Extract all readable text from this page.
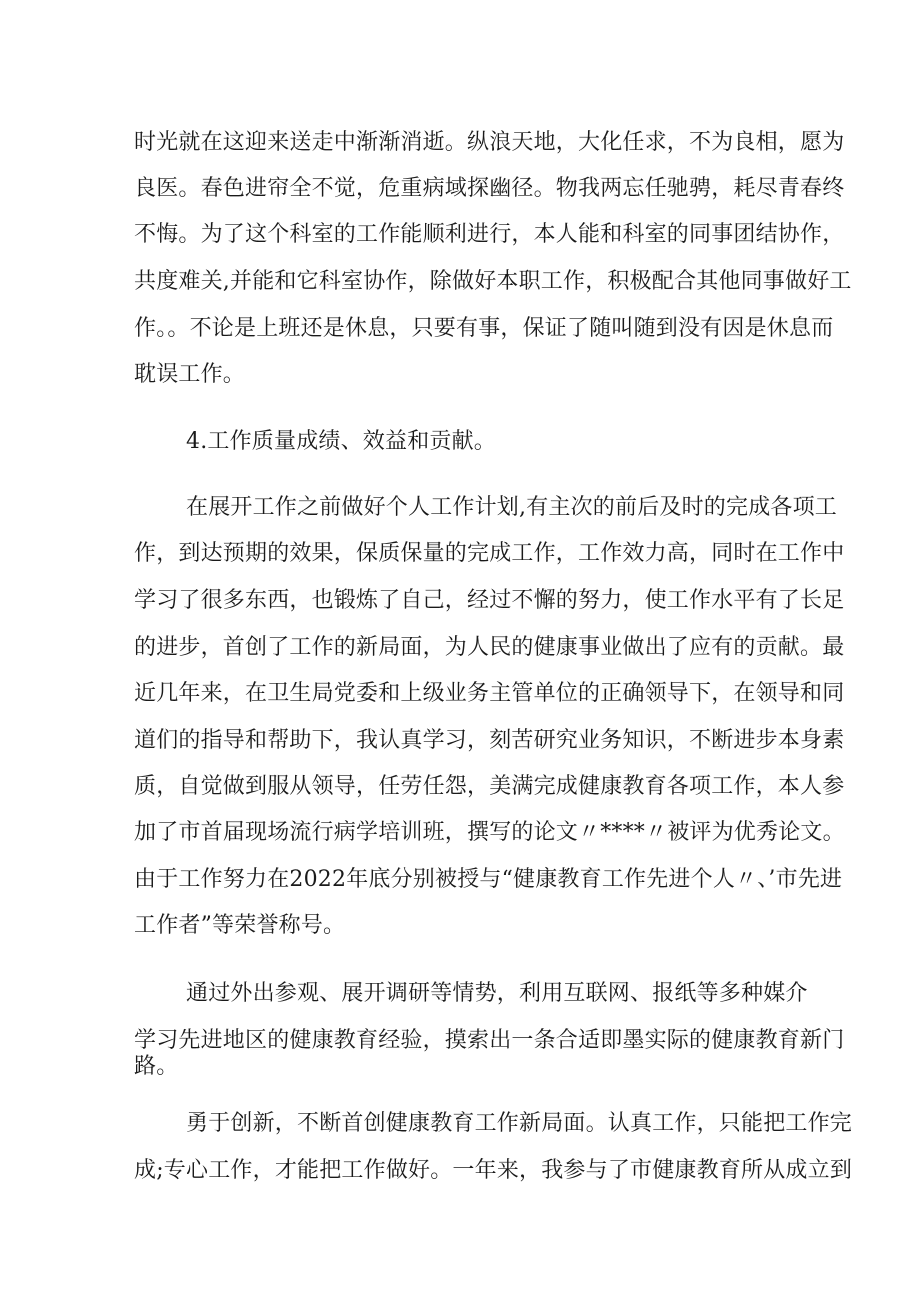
时光就在这迎来送走中渐渐消逝。纵浪天地，大化任求，不为良相，愿为
良医。春色进帘全不觉，危重病域探幽径。物我两忘任驰骋，耗尽青春终
不悔。为了这个科室的工作能顺利进行，本人能和科室的同事团结协作，
共度难关,并能和它科室协作，除做好本职工作，积极配合其他同事做好工
作。。不论是上班还是休息，只要有事，保证了随叫随到没有因是休息而
耽误工作。
4.工作质量成绩、效益和贡献。
在展开工作之前做好个人工作计划,有主次的前后及时的完成各项工
作，到达预期的效果，保质保量的完成工作，工作效力高，同时在工作中
学习了很多东西，也锻炼了自己，经过不懈的努力，使工作水平有了长足
的进步，首创了工作的新局面，为人民的健康事业做出了应有的贡献。最
近几年来，在卫生局党委和上级业务主管单位的正确领导下，在领导和同
道们的指导和帮助下，我认真学习，刻苦研究业务知识，不断进步本身素
质，自觉做到服从领导，任劳任怨，美满完成健康教育各项工作，本人参
加了市首届现场流行病学培训班，撰写的论文〃****〃被评为优秀论文。
由于工作努力在2022年底分别被授与“健康教育工作先进个人〃、’市先进
工作者”等荣誉称号。
通过外出参观、展开调研等情势，利用互联网、报纸等多种媒介
学习先进地区的健康教育经验，摸索出一条合适即墨实际的健康教育新门
路。
勇于创新，不断首创健康教育工作新局面。认真工作，只能把工作完
成;专心工作，才能把工作做好。一年来，我参与了市健康教育所从成立到
